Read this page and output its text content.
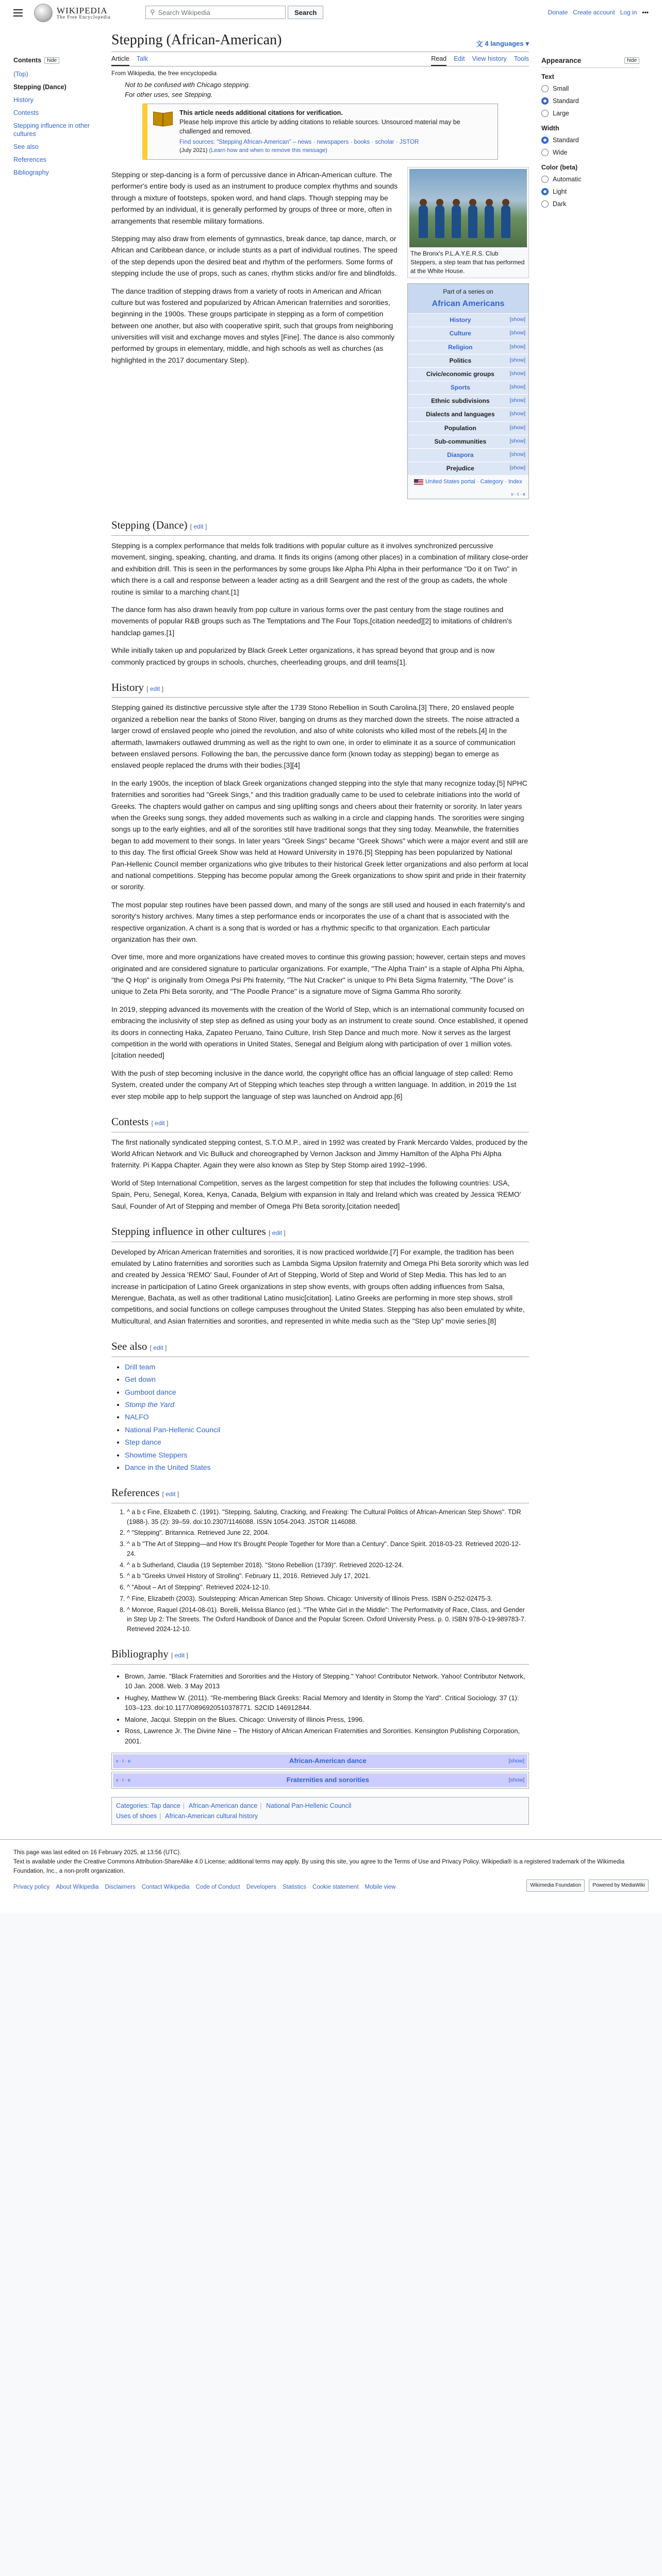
WIKIPEDIA
The Free Encyclopedia
⚲ Search Wikipedia	Search	Donate Create account Log in •••
Contents	hide
(Top)
Stepping (Dance)
History
Contests
Stepping influence in other cultures
See also
References
Bibliography
Stepping (African-American)	文 4 languages ▾
Article Talk	Read Edit View history Tools
From Wikipedia, the free encyclopedia
Not to be confused with Chicago stepping.
For other uses, see Stepping.
This article needs additional citations for verification.
Please help improve this article by adding citations to reliable sources. Unsourced material may be challenged and removed.
Find sources: "Stepping African-American" – news · newspapers · books · scholar · JSTOR
(July 2021) (Learn how and when to remove this message)
The Bronx's P.L.A.Y.E.R.S. Club Steppers, a step team that has performed at the White House.
Part of a series on
African Americans
History	[show]
Culture	[show]
Religion	[show]
Politics	[show]
Civic/economic groups	[show]
Sports	[show]
Ethnic subdivisions	[show]
Dialects and languages	[show]
Population	[show]
Sub-communities	[show]
Diaspora	[show]
Prejudice	[show]
United States portal · Category · Index
v · t · e

Stepping or step-dancing is a form of percussive dance in African-American culture. The performer's entire body is used as an instrument to produce complex rhythms and sounds through a mixture of footsteps, spoken word, and hand claps. Though stepping may be performed by an individual, it is generally performed by groups of three or more, often in arrangements that resemble military formations.

Stepping may also draw from elements of gymnastics, break dance, tap dance, march, or African and Caribbean dance, or include stunts as a part of individual routines. The speed of the step depends upon the desired beat and rhythm of the performers. Some forms of stepping include the use of props, such as canes, rhythm sticks and/or fire and blindfolds.

The dance tradition of stepping draws from a variety of roots in American and African culture but was fostered and popularized by African American fraternities and sororities, beginning in the 1900s. These groups participate in stepping as a form of competition between one another, but also with cooperative spirit, such that groups from neighboring universities will visit and exchange moves and styles [Fine]. The dance is also commonly performed by groups in elementary, middle, and high schools as well as churches (as highlighted in the 2017 documentary Step).

Stepping (Dance) [ edit ]

Stepping is a complex performance that melds folk traditions with popular culture as it involves synchronized percussive movement, singing, speaking, chanting, and drama. It finds its origins (among other places) in a combination of military close-order and exhibition drill. This is seen in the performances by some groups like Alpha Phi Alpha in their performance "Do it on Two" in which there is a call and response between a leader acting as a drill Seargent and the rest of the group as cadets, the whole routine is similar to a marching chant.[1]

The dance form has also drawn heavily from pop culture in various forms over the past century from the stage routines and movements of popular R&B groups such as The Temptations and The Four Tops,[citation needed][2] to imitations of children's handclap games.[1]

While initially taken up and popularized by Black Greek Letter organizations, it has spread beyond that group and is now commonly practiced by groups in schools, churches, cheerleading groups, and drill teams[1].

History [ edit ]

Stepping gained its distinctive percussive style after the 1739 Stono Rebellion in South Carolina.[3] There, 20 enslaved people organized a rebellion near the banks of Stono River, banging on drums as they marched down the streets. The noise attracted a larger crowd of enslaved people who joined the revolution, and also of white colonists who killed most of the rebels.[4] In the aftermath, lawmakers outlawed drumming as well as the right to own one, in order to eliminate it as a source of communication between enslaved persons. Following the ban, the percussive dance form (known today as stepping) began to emerge as enslaved people replaced the drums with their bodies.[3][4]

In the early 1900s, the inception of black Greek organizations changed stepping into the style that many recognize today.[5] NPHC fraternities and sororities had "Greek Sings," and this tradition gradually came to be used to celebrate initiations into the world of Greeks. The chapters would gather on campus and sing uplifting songs and cheers about their fraternity or sorority. In later years when the Greeks sung songs, they added movements such as walking in a circle and clapping hands. The sororities were singing songs up to the early eighties, and all of the sororities still have traditional songs that they sing today. Meanwhile, the fraternities began to add movement to their songs. In later years "Greek Sings" became "Greek Shows" which were a major event and still are to this day. The first official Greek Show was held at Howard University in 1976.[5] Stepping has been popularized by National Pan-Hellenic Council member organizations who give tributes to their historical Greek letter organizations and also perform at local and national competitions. Stepping has become popular among the Greek organizations to show spirit and pride in their fraternity or sorority.

The most popular step routines have been passed down, and many of the songs are still used and housed in each fraternity's and sorority's history archives. Many times a step performance ends or incorporates the use of a chant that is associated with the respective organization. A chant is a song that is worded or has a rhythmic specific to that organization. Each particular organization has their own.

Over time, more and more organizations have created moves to continue this growing passion; however, certain steps and moves originated and are considered signature to particular organizations. For example, "The Alpha Train" is a staple of Alpha Phi Alpha, "the Q Hop" is originally from Omega Psi Phi fraternity, "The Nut Cracker" is unique to Phi Beta Sigma fraternity, "The Dove" is unique to Zeta Phi Beta sorority, and "The Poodle Prance" is a signature move of Sigma Gamma Rho sorority.

In 2019, stepping advanced its movements with the creation of the World of Step, which is an international community focused on embracing the inclusivity of step step as defined as using your body as an instrument to create sound. Once established, it opened its doors in connecting Haka, Zapateo Peruano, Taino Culture, Irish Step Dance and much more. Now it serves as the largest competition in the world with operations in United States, Senegal and Belgium along with participation of over 1 million votes.[citation needed]

With the push of step becoming inclusive in the dance world, the copyright office has an official language of step called: Remo System, created under the company Art of Stepping which teaches step through a written language. In addition, in 2019 the 1st ever step mobile app to help support the language of step was launched on Android app.[6]

Contests [ edit ]

The first nationally syndicated stepping contest, S.T.O.M.P., aired in 1992 was created by Frank Mercardo Valdes, produced by the World African Network and Vic Bulluck and choreographed by Vernon Jackson and Jimmy Hamilton of the Alpha Phi Alpha fraternity. Pi Kappa Chapter. Again they were also known as Step by Step Stomp aired 1992–1996.

World of Step International Competition, serves as the largest competition for step that includes the following countries: USA, Spain, Peru, Senegal, Korea, Kenya, Canada, Belgium with expansion in Italy and Ireland which was created by Jessica 'REMO' Saul, Founder of Art of Stepping and member of Omega Phi Beta sorority.[citation needed]

Stepping influence in other cultures [ edit ]

Developed by African American fraternities and sororities, it is now practiced worldwide.[7] For example, the tradition has been emulated by Latino fraternities and sororities such as Lambda Sigma Upsilon fraternity and Omega Phi Beta sorority which was led and created by Jessica 'REMO' Saul, Founder of Art of Stepping, World of Step and World of Step Media. This has led to an increase in participation of Latino Greek organizations in step show events, with groups often adding influences from Salsa, Merengue, Bachata, as well as other traditional Latino music[citation]. Latino Greeks are performing in more step shows, stroll competitions, and social functions on college campuses throughout the United States. Stepping has also been emulated by white, Multicultural, and Asian fraternities and sororities, and represented in white media such as the "Step Up" movie series.[8]

See also [ edit ]
• Drill team
• Get down
• Gumboot dance
• Stomp the Yard
• NALFO
• National Pan-Hellenic Council
• Step dance
• Showtime Steppers
• Dance in the United States
References [ edit ]
1. ^ a b c Fine, Elizabeth C. (1991). "Stepping, Saluting, Cracking, and Freaking: The Cultural Politics of African-American Step Shows". TDR (1988-). 35 (2): 39–59. doi:10.2307/1146088. ISSN 1054-2043. JSTOR 1146088.
2. ^ "Stepping". Britannica. Retrieved June 22, 2004.
3. ^ a b "The Art of Stepping—and How It's Brought People Together for More than a Century". Dance Spirit. 2018-03-23. Retrieved 2020-12-24.
4. ^ a b Sutherland, Claudia (19 September 2018). "Stono Rebellion (1739)". Retrieved 2020-12-24.
5. ^ a b "Greeks Unveil History of Strolling". February 11, 2016. Retrieved July 17, 2021.
6. ^ "About – Art of Stepping". Retrieved 2024-12-10.
7. ^ Fine, Elizabeth (2003). Soulstepping: African American Step Shows. Chicago: University of Illinois Press. ISBN 0-252-02475-3.
8. ^ Monroe, Raquel (2014-08-01). Borelli, Melissa Blanco (ed.). "The White Girl in the Middle": The Performativity of Race, Class, and Gender in Step Up 2: The Streets. The Oxford Handbook of Dance and the Popular Screen. Oxford University Press. p. 0. ISBN 978-0-19-989783-7. Retrieved 2024-12-10.
Bibliography [ edit ]
• Brown, Jamie. "Black Fraternities and Sororities and the History of Stepping." Yahoo! Contributor Network. Yahoo! Contributor Network, 10 Jan. 2008. Web. 3 May 2013
• Hughey, Matthew W. (2011). "Re-membering Black Greeks: Racial Memory and Identity in Stomp the Yard". Critical Sociology. 37 (1): 103–123. doi:10.1177/0896920510378771. S2CID 146912844.
• Malone, Jacqui. Steppin on the Blues. Chicago: University of Illinois Press, 1996.
• Ross, Lawrence Jr. The Divine Nine – The History of African American Fraternities and Sororities. Kensington Publishing Corporation, 2001.
v · t · e	African-American dance	[show]
v · t · e	Fraternities and sororities	[show]
Categories: Tap dance | African-American dance | National Pan-Hellenic Council
Uses of shoes | African-American cultural history
Appearance	hide
Text
Small
Standard
Large
Width
Standard
Wide
Color (beta)
Automatic
Light
Dark
This page was last edited on 16 February 2025, at 13:56 (UTC).
Text is available under the Creative Commons Attribution-ShareAlike 4.0 License; additional terms may apply. By using this site, you agree to the Terms of Use and Privacy Policy. Wikipedia® is a registered trademark of the Wikimedia Foundation, Inc., a non-profit organization.
Privacy policy About Wikipedia Disclaimers Contact Wikipedia Code of Conduct Developers Statistics Cookie statement Mobile view	Wikimedia Foundation	Powered by MediaWiki
